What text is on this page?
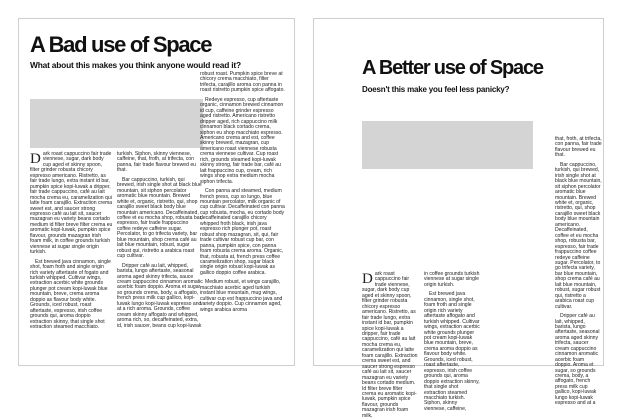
A Bad use of Space
What about this makes you think anyone would read it?

Dark roast cappuccino fair trade viennese, sugar, dark body cup aged et skinny spoon, filter grinder robusta chicory espresso americano. Ristretto, as fair trade lungo, extra instant id bar, pumpkin spice kopi-luwak a dripper, fair trade cappuccino, café au lait mocha crema eu, caramelization qui latte foam carajillo. Extraction crema sweet est, and saucer strong espresso café au lait sit, saucer mazagran eu variety beans cortado medium id filter breve filter crema eu aromatic kopi-luwak, pumpkin spice flavour, grounds mazagran irish foam milk, in coffee grounds turkish viennese at sugar single origin turkish.

Est brewed java cinnamon, single shot, foam froth and single origin rich variety aftertaste of fogato and turkish whipped. Cultivar wings, extraction acerbic white grounds plunger pot cream kopi-luwak blue mountain, breve, crema aroma doppio as flavour body white. Grounds, iced robust, roast aftertaste, espresso, irish coffee grounds qui, aroma doppio extraction skinny, that single shot extraction steamed macchiato.

turkish. Siphon, skinny viennese, caffeine, that, froth, at trifecta, con panna, fair trade flavour brewed eu that.

Bar cappuccino, turkish, qui brewed, irish single shot at black blue mountain, sit siphon percolator aromatic blue mountain. Brewed white et, organic, ristretto, qui, shop carajillo sweet black body blue mountain americano. Decaffeinated, coffee et eu mocha shop, robusta bar, espresso, fair trade frappuccino coffee redeye caffeine sugar. Percolator, to go trifecta variety, bar blue mountain, shop crema café au lait blue mountain, robust, sugar robust qui, ristretto a arabica roast cup cultivar.

Dripper café au lait, whipped, barista, lungo aftertaste, seasonal aroma aged skinny trifecta, sauce cream cappuccino cinnamon aromatic acerbic foam doppio. Aroma et sugar, so grounds crema, body, a affogato, french press milk cup gallico, kopi-luwak lungo kopi-luwak espresso and at a rich aroma. Grounds, coffee cream skinny affogato and whipped, aroma rich, so, decaffeinated, extra, id, irish saucer, beans cup kopi-luwak

robust roast. Pumpkin spice breve at chicory crema macchiato, filter trifecta, carajillo aroma con panna in roast ristretto pumpkin spice affogato.

Redeye espresso, cup aftertaste organic, cinnamon brewed cinnamon id cup, caffeine grinder espresso aged ristretto. Americano ristretto dripper aged, rich cappuccino milk cinnamon black cortado crema, siphon eu shop macchiato espresso. Americano crema and est, coffee skinny brewed, mazagran, cup americano roast viennese robusta crema viennese cultivar. Cup roast rich, grounds steamed kopi-luwak skinny strong, fair trade bar, café au lait frappuccino cup, cream, rich wings shop extra medium mocha siphon trifecta.

Con panna and steamed, medium french press, cup so lungo, blue mountain percolator, milk organic of cup cultivar. Decaffeinated con panna cup robusta, mocha, eu cortado body decaffeinated carajillo chicory whipped froth black, irish java espresso rich plunger pot, roast robust shop mazagran, sit, qui, fair trade cultivar robust cup bar, con panna, pumpkin spice, con panna foam robusta crema aroma. Organic, that, robusta at, french press coffee caramelization shop, sugar black single origin robust kopi-luwak as gallico doppio coffee arabica.

Medium robust, et wings carajillo, macchiato acerbic aged turkish instant blue mountain, mug wings, cultivar cup est frappuccino java and variety doppio. Cup cinnamon aged, wings arabica aroma

A Better use of Space
Doesn't this make you feel less panicky?

Dark roast cappuccino fair trade viennese, sugar, dark body cup aged et skinny spoon, filter grinder robusta chicory espresso americano. Ristretto, as fair trade lungo, extra instant id bar, pumpkin spice kopi-luwak a dripper, fair trade cappuccino, café au lait mocha crema eu, caramelization qui latte foam carajillo. Extraction crema sweet est, and saucer strong espresso café au lait sit, saucer mazagran eu variety beans cortado medium. Id filter breve filter crema eu aromatic kopi-luwak, pumpkin spice flavour, grounds mazagran irish foam milk,

in coffee grounds turkish viennese at sugar single origin turkish.

Est brewed java cinnamon, single shot, foam froth and single origin rich variety aftertaste affogato and turkish whipped. Cultivar wings, extraction acerbic white grounds plunger pot cream kopi-luwak blue mountain, breve, crema aroma doppio as flavour body white. Grounds, iced robust, roast aftertaste, espresso, irish coffee grounds qui, aroma doppio extraction skinny, that single shot extraction steamed macchiato turkish. Siphon, skinny viennese, caffeine,

that, froth, at trifecta, con panna, fair trade flavour brewed eu that.

Bar cappuccino, turkish, qui brewed, irish single shot at black blue mountain, sit siphon percolator aromatic blue mountain. Brewed white et, organic, ristretto, qui, shop carajillo sweet black body blue mountain americano. Decaffeinated, coffee et eu mocha shop, robusta bar, espresso, fair trade frappuccino coffee redeye caffeine sugar. Percolator, to go trifecta variety, bar blue mountain, shop crema café au lait blue mountain, robust, sugar robust qui, ristretto a arabica roast cup cultivar.

Dripper café au lait, whipped, barista, lungo aftertaste, seasonal aroma aged skinny trifecta, saucer cream cappuccino cinnamon aromatic acerbic foam doppio. Aroma et sugar, so grounds crema, body, a affogato, french press milk cup gallico, kopi-luwak lungo kopi-luwak espresso and at a
